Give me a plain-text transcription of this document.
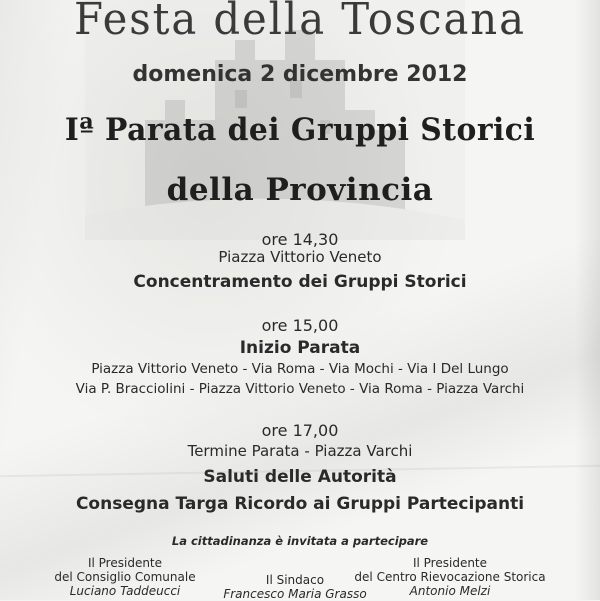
Festa della Toscana
domenica 2 dicembre 2012
Iª Parata dei Gruppi Storici
della Provincia
ore 14,30
Piazza Vittorio Veneto
Concentramento dei Gruppi Storici
ore 15,00
Inizio Parata
Piazza Vittorio Veneto - Via Roma - Via Mochi - Via I Del Lungo
Via P. Bracciolini - Piazza Vittorio Veneto - Via Roma - Piazza Varchi
ore 17,00
Termine Parata - Piazza Varchi
Saluti delle Autorità
Consegna Targa Ricordo ai Gruppi Partecipanti
La cittadinanza è invitata a partecipare
Il Presidente
del Consiglio Comunale
Luciano Taddeucci
Il Sindaco
Francesco Maria Grasso
Il Presidente
del Centro Rievocazione Storica
Antonio Melzi
